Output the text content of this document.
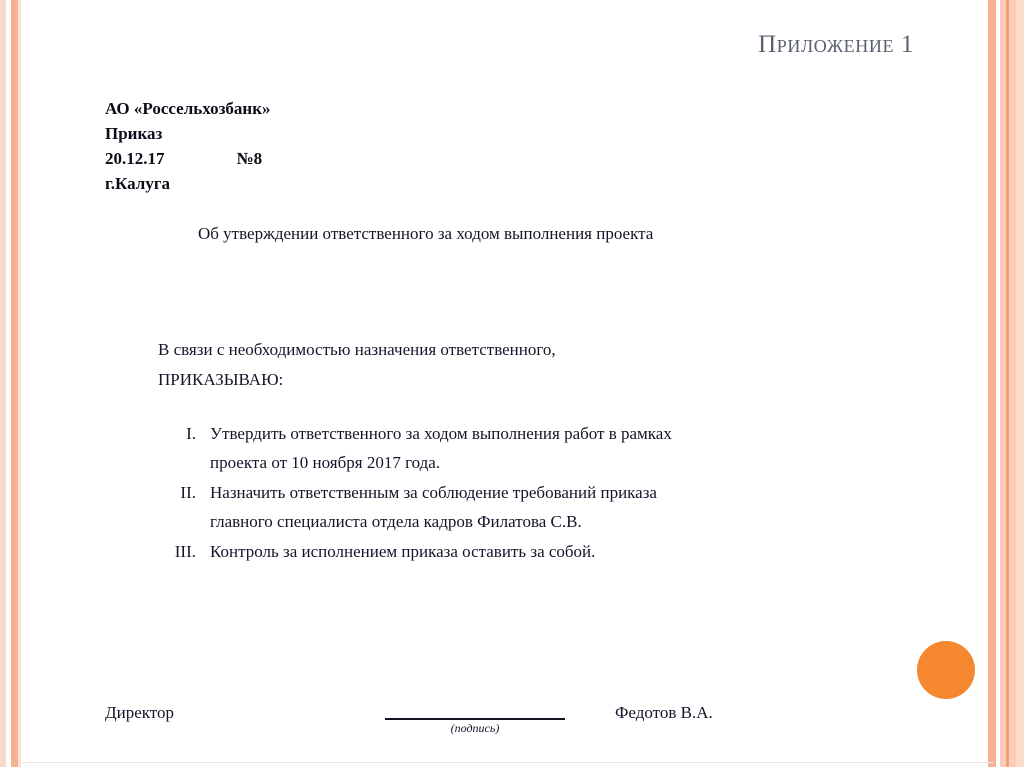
Приложение 1
АО «Россельхозбанк»
Приказ
20.12.17	№8
г.Калуга
Об утверждении ответственного за ходом выполнения проекта
В связи с необходимостью назначения ответственного,
ПРИКАЗЫВАЮ:
I. Утвердить ответственного за ходом выполнения работ в рамках
проекта от 10 ноября 2017 года.
II. Назначить ответственным за соблюдение требований приказа
главного специалиста отдела кадров Филатова С.В.
III. Контроль за исполнением приказа оставить за собой.
Директор
(подпись)
Федотов В.А.
